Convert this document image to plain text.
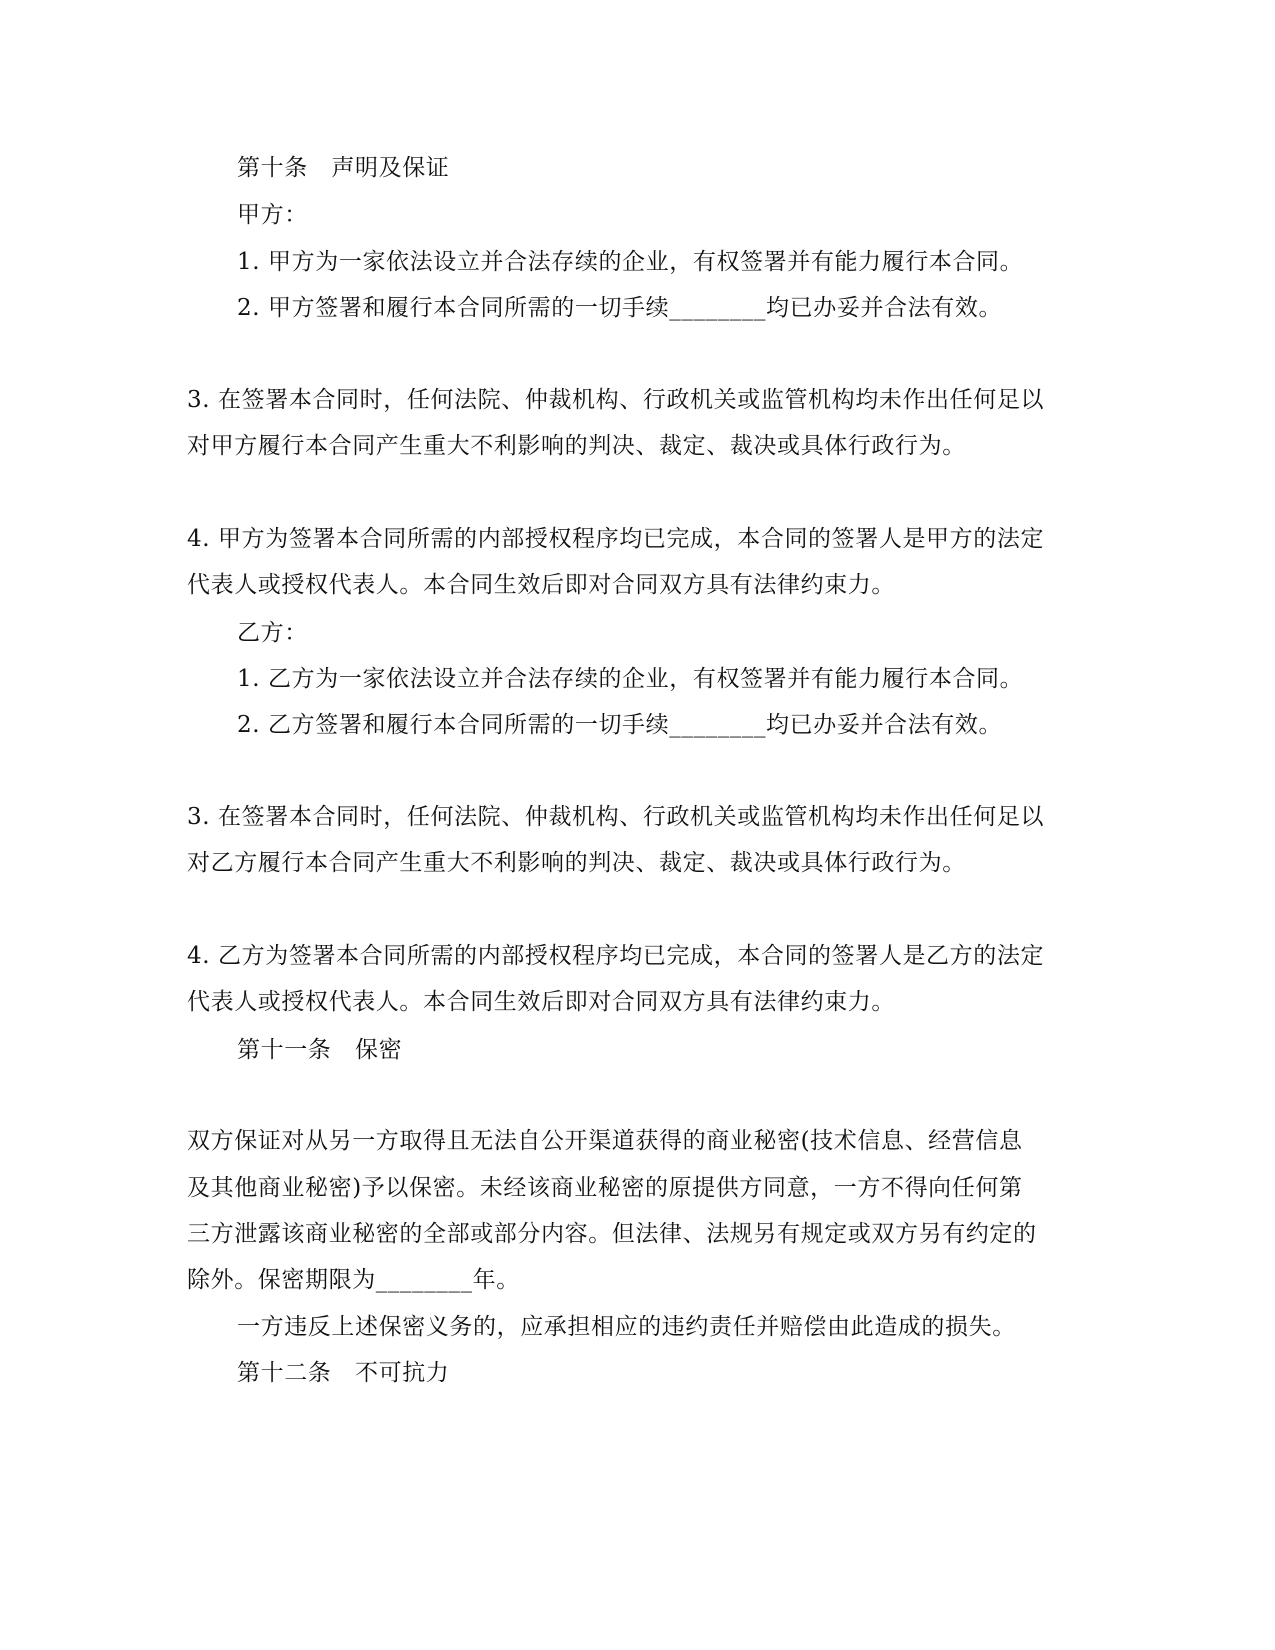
第十条　声明及保证
甲方：
1. 甲方为一家依法设立并合法存续的企业，有权签署并有能力履行本合同。
2. 甲方签署和履行本合同所需的一切手续________均已办妥并合法有效。
3. 在签署本合同时，任何法院、仲裁机构、行政机关或监管机构均未作出任何足以
对甲方履行本合同产生重大不利影响的判决、裁定、裁决或具体行政行为。
4. 甲方为签署本合同所需的内部授权程序均已完成，本合同的签署人是甲方的法定
代表人或授权代表人。本合同生效后即对合同双方具有法律约束力。
乙方：
1. 乙方为一家依法设立并合法存续的企业，有权签署并有能力履行本合同。
2. 乙方签署和履行本合同所需的一切手续________均已办妥并合法有效。
3. 在签署本合同时，任何法院、仲裁机构、行政机关或监管机构均未作出任何足以
对乙方履行本合同产生重大不利影响的判决、裁定、裁决或具体行政行为。
4. 乙方为签署本合同所需的内部授权程序均已完成，本合同的签署人是乙方的法定
代表人或授权代表人。本合同生效后即对合同双方具有法律约束力。
第十一条　保密
双方保证对从另一方取得且无法自公开渠道获得的商业秘密(技术信息、经营信息
及其他商业秘密)予以保密。未经该商业秘密的原提供方同意，一方不得向任何第
三方泄露该商业秘密的全部或部分内容。但法律、法规另有规定或双方另有约定的
除外。保密期限为________年。
一方违反上述保密义务的，应承担相应的违约责任并赔偿由此造成的损失。
第十二条　不可抗力
